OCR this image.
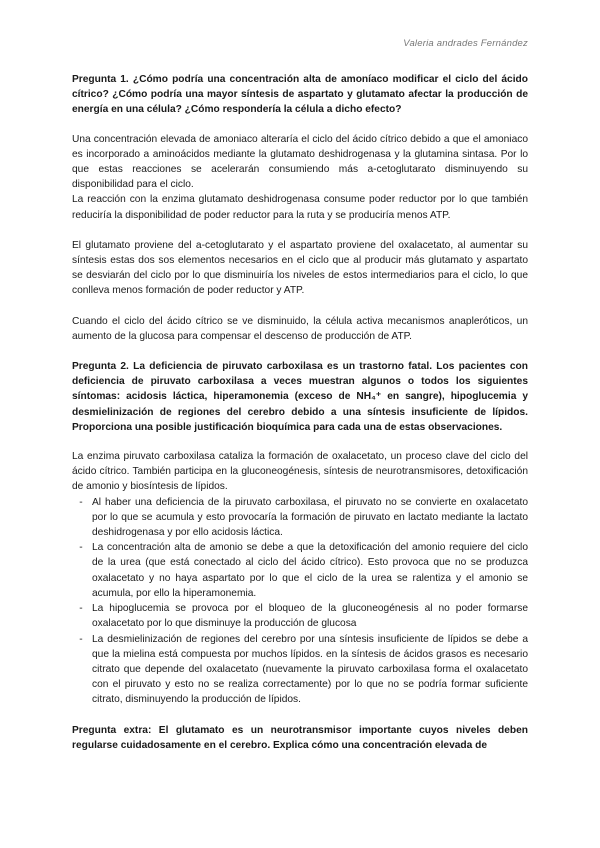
Valeria andrades Fernández

Pregunta 1. ¿Cómo podría una concentración alta de amoníaco modificar el ciclo del ácido cítrico? ¿Cómo podría una mayor síntesis de aspartato y glutamato afectar la producción de energía en una célula? ¿Cómo respondería la célula a dicho efecto?

Una concentración elevada de amoniaco alteraría el ciclo del ácido cítrico debido a que el amoniaco es incorporado a aminoácidos mediante la glutamato deshidrogenasa y la glutamina sintasa. Por lo que estas reacciones se acelerarán consumiendo más a-cetoglutarato disminuyendo su disponibilidad para el ciclo.

La reacción con la enzima glutamato deshidrogenasa consume poder reductor por lo que también reduciría la disponibilidad de poder reductor para la ruta y se produciría menos ATP.

El glutamato proviene del a-cetoglutarato y el aspartato proviene del oxalacetato, al aumentar su síntesis estas dos sos elementos necesarios en el ciclo que al producir más glutamato y aspartato se desviarán del ciclo por lo que disminuiría los niveles de estos intermediarios para el ciclo, lo que conlleva menos formación de poder reductor y ATP.

Cuando el ciclo del ácido cítrico se ve disminuido, la célula activa mecanismos anapleróticos, un aumento de la glucosa para compensar el descenso de producción de ATP.

Pregunta 2. La deficiencia de piruvato carboxilasa es un trastorno fatal. Los pacientes con deficiencia de piruvato carboxilasa a veces muestran algunos o todos los siguientes síntomas: acidosis láctica, hiperamonemia (exceso de NH₄⁺ en sangre), hipoglucemia y desmielinización de regiones del cerebro debido a una síntesis insuficiente de lípidos. Proporciona una posible justificación bioquímica para cada una de estas observaciones.

La enzima piruvato carboxilasa cataliza la formación de oxalacetato, un proceso clave del ciclo del ácido cítrico. También participa en la gluconeogénesis, síntesis de neurotransmisores, detoxificación de amonio y biosíntesis de lípidos.

- Al haber una deficiencia de la piruvato carboxilasa, el piruvato no se convierte en oxalacetato por lo que se acumula y esto provocaría la formación de piruvato en lactato mediante la lactato deshidrogenasa y por ello acidosis láctica.
- La concentración alta de amonio se debe a que la detoxificación del amonio requiere del ciclo de la urea (que está conectado al ciclo del ácido cítrico). Esto provoca que no se produzca oxalacetato y no haya aspartato por lo que el ciclo de la urea se ralentiza y el amonio se acumula, por ello la hiperamonemia.
- La hipoglucemia se provoca por el bloqueo de la gluconeogénesis al no poder formarse oxalacetato por lo que disminuye la producción de glucosa
- La desmielinización de regiones del cerebro por una síntesis insuficiente de lípidos se debe a que la mielina está compuesta por muchos lípidos. en la síntesis de ácidos grasos es necesario citrato que depende del oxalacetato (nuevamente la piruvato carboxilasa forma el oxalacetato con el piruvato y esto no se realiza correctamente) por lo que no se podría formar suficiente citrato, disminuyendo la producción de lípidos.

Pregunta extra: El glutamato es un neurotransmisor importante cuyos niveles deben regularse cuidadosamente en el cerebro. Explica cómo una concentración elevada de
